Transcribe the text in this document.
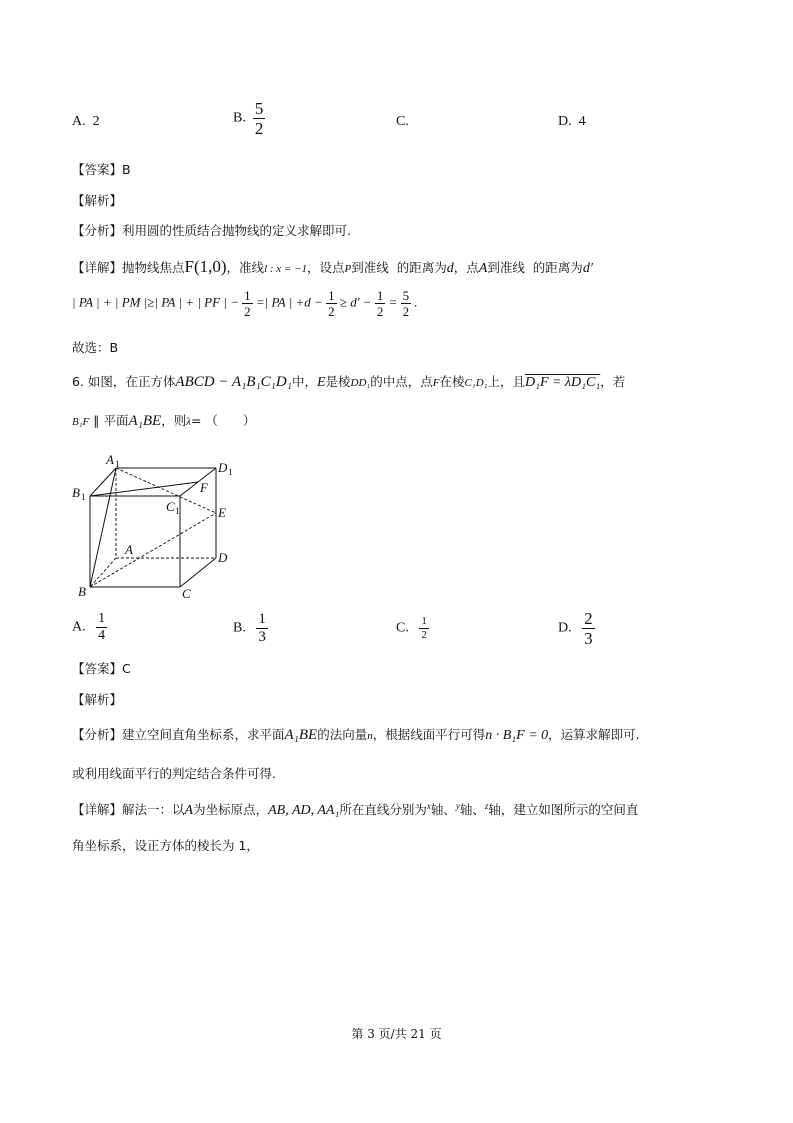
A. 2	B. $\frac{5}{2}$	C.	D. 4
【答案】B
【解析】
【分析】利用圆的性质结合抛物线的定义求解即可.
【详解】抛物线焦点F(1,0)，准线l : x = −1，设点P到准线 的距离为d，点A到准线 的距离为d′
| PA | + | PM |≥| PA | + | PF | − $\frac{1}{2}$ =| PA | $+d - \frac{1}{2} \ge d' - \frac{1}{2} = \frac{5}{2}$ .
故选：B
6. 如图，在正方体ABCD − A₁B₁C₁D₁中，E是棱DD₁的中点，点F在棱C₁D₁上，且D₁F = λD₁C₁，若
B₁F ∥ 平面A₁BE，则λ= （　　）
A 1	D 1
B 1
F
C 1	E
A
D
B	C
A. $\frac{1}{4}$	B. $\frac{1}{3}$	C. $\frac{1}{2}$	D. $\frac{2}{3}$
【答案】C
【解析】
【分析】建立空间直角坐标系，求平面A₁BE的法向量n，根据线面平行可得n · B₁F = 0，运算求解即可.
或利用线面平行的判定结合条件可得.
【详解】解法一：以A为坐标原点，AB, AD, AA₁所在直线分别为$^x$轴、$^y$轴、$^z$轴，建立如图所示的空间直
角坐标系，设正方体的棱长为 1，
第 3 页/共 21 页
